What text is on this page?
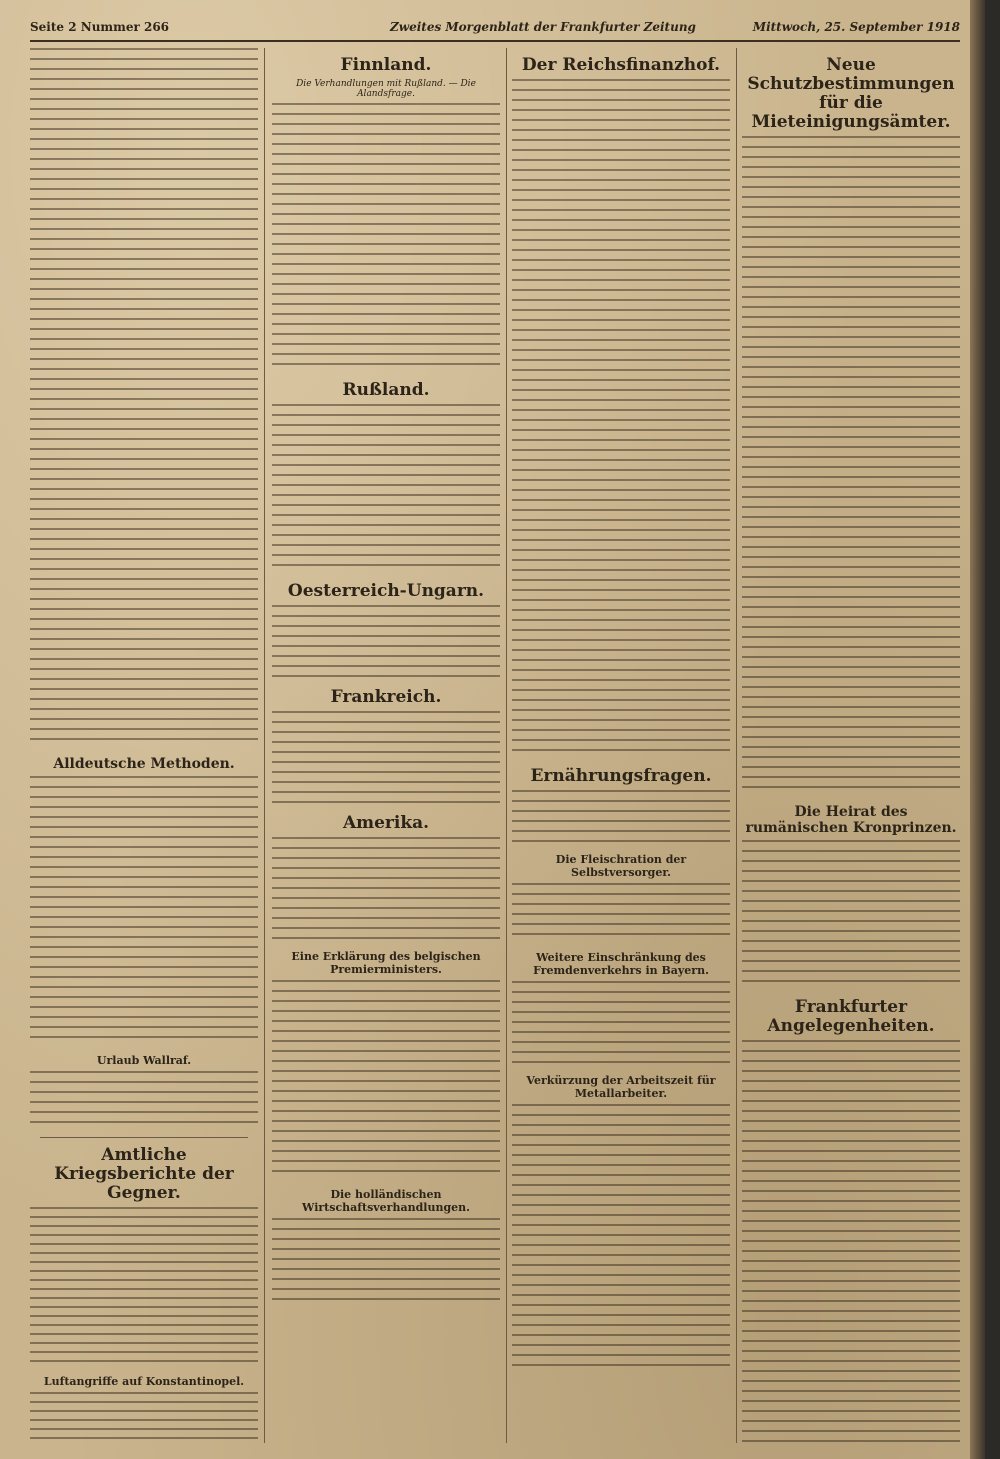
Seite 2 Nummer 266	Zweites Morgenblatt der Frankfurter Zeitung	Mittwoch, 25. September 1918
Alldeutsche Methoden.
Urlaub Wallraf.
Amtliche Kriegsberichte der Gegner.
Luftangriffe auf Konstantinopel.
Finnland.
Die Verhandlungen mit Rußland. — Die Alandsfrage.
Rußland.
Oesterreich-Ungarn.
Frankreich.
Amerika.
Eine Erklärung des belgischen Premierministers.
Die holländischen Wirtschaftsverhandlungen.
Der Reichsfinanzhof.
Ernährungsfragen.
Die Fleischration der Selbstversorger.
Weitere Einschränkung des Fremdenverkehrs in Bayern.
Verkürzung der Arbeitszeit für Metallarbeiter.
Neue Schutzbestimmungen für die Mieteinigungsämter.
Die Heirat des rumänischen Kronprinzen.
Frankfurter Angelegenheiten.
